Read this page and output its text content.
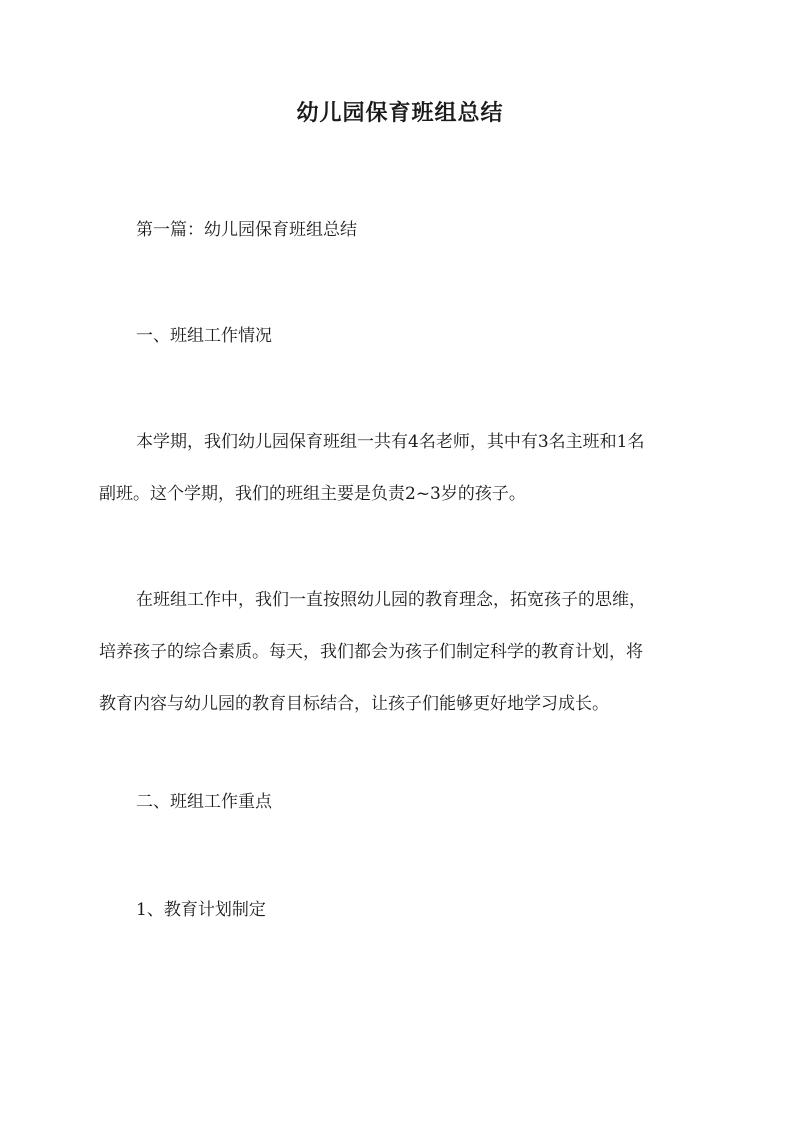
幼儿园保育班组总结
第一篇：幼儿园保育班组总结
一、班组工作情况
本学期，我们幼儿园保育班组一共有4名老师，其中有3名主班和1名
副班。这个学期，我们的班组主要是负责2~3岁的孩子。
在班组工作中，我们一直按照幼儿园的教育理念，拓宽孩子的思维，
培养孩子的综合素质。每天，我们都会为孩子们制定科学的教育计划，将
教育内容与幼儿园的教育目标结合，让孩子们能够更好地学习成长。
二、班组工作重点
1、教育计划制定
